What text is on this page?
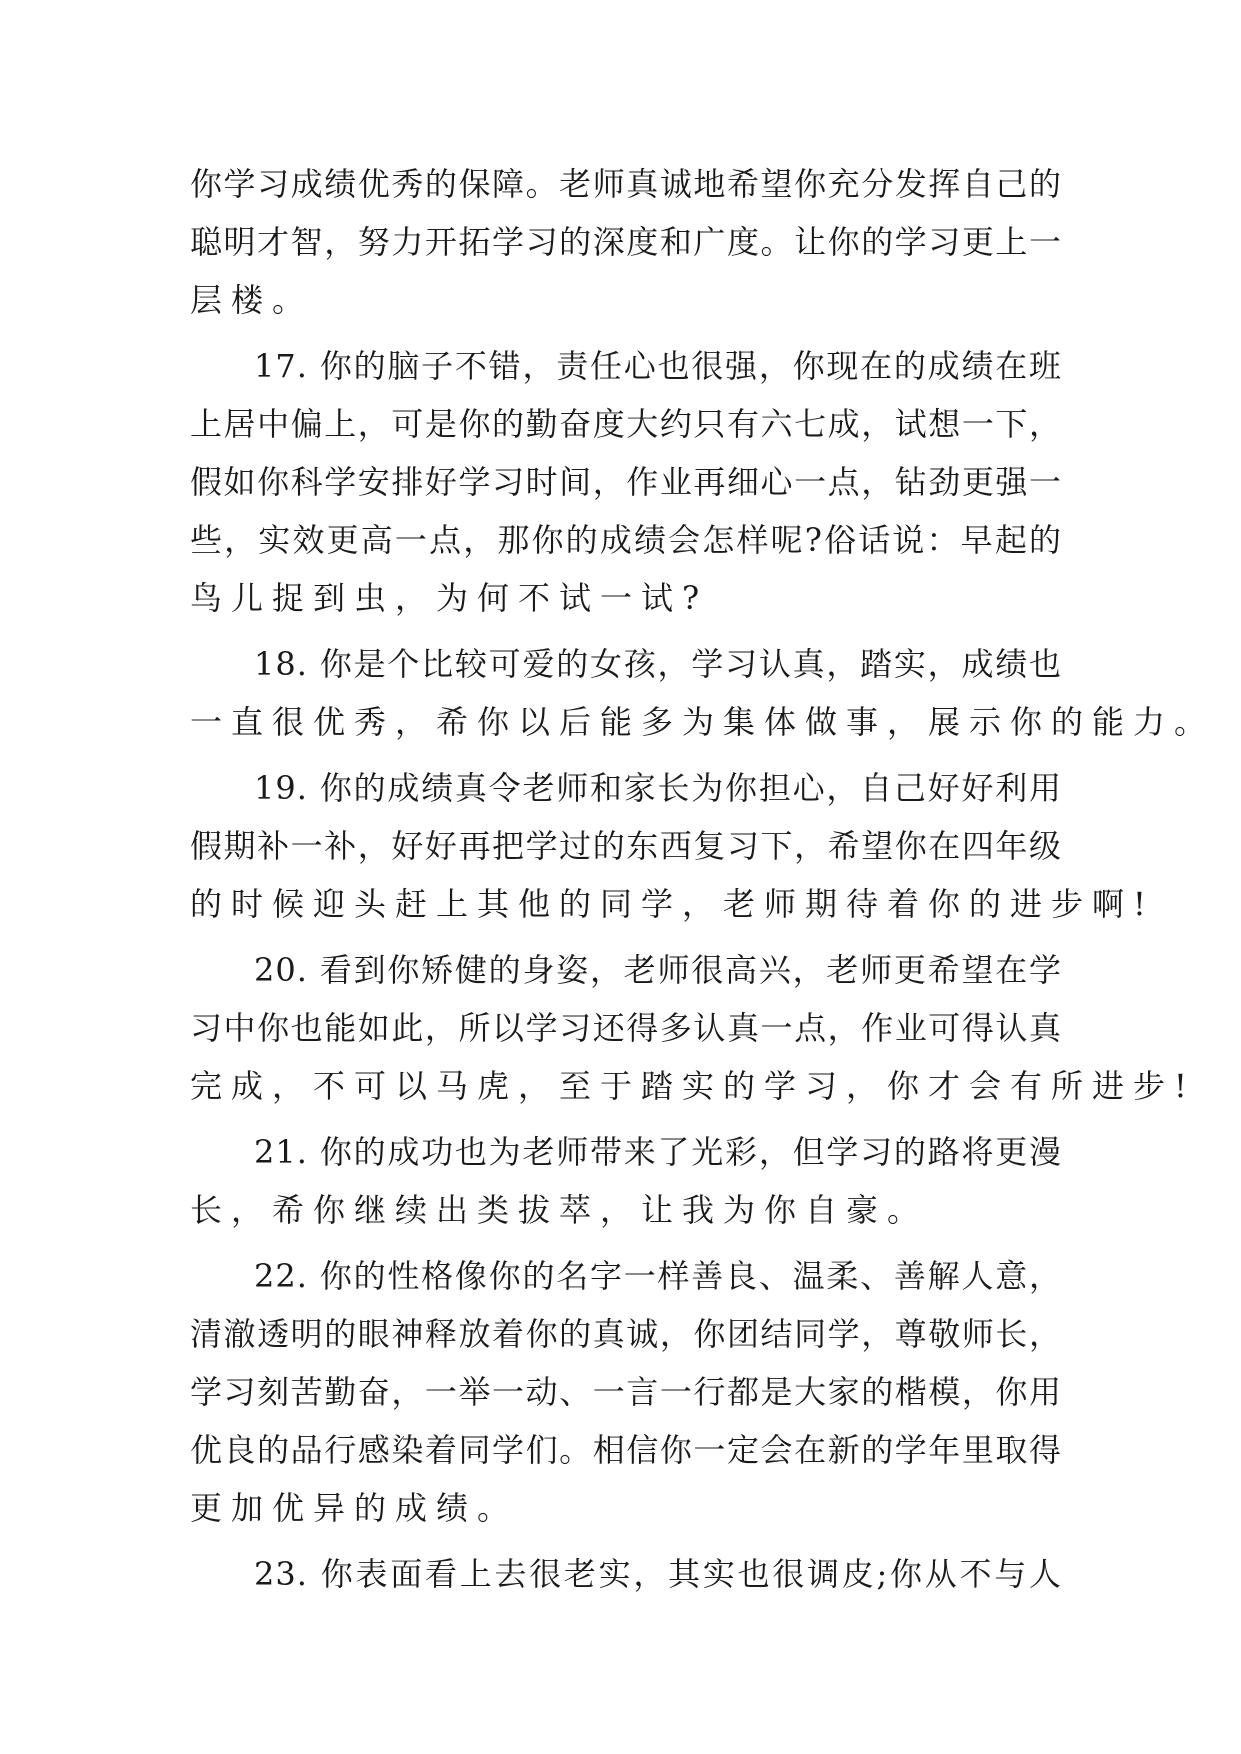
你学习成绩优秀的保障。老师真诚地希望你充分发挥自己的
聪明才智，努力开拓学习的深度和广度。让你的学习更上一
层楼。
17. 你的脑子不错，责任心也很强，你现在的成绩在班
上居中偏上，可是你的勤奋度大约只有六七成，试想一下，
假如你科学安排好学习时间，作业再细心一点，钻劲更强一
些，实效更高一点，那你的成绩会怎样呢?俗话说：早起的
鸟儿捉到虫，为何不试一试?
18. 你是个比较可爱的女孩，学习认真，踏实，成绩也
一直很优秀，希你以后能多为集体做事，展示你的能力。
19. 你的成绩真令老师和家长为你担心，自己好好利用
假期补一补，好好再把学过的东西复习下，希望你在四年级
的时候迎头赶上其他的同学，老师期待着你的进步啊!
20. 看到你矫健的身姿，老师很高兴，老师更希望在学
习中你也能如此，所以学习还得多认真一点，作业可得认真
完成，不可以马虎，至于踏实的学习，你才会有所进步!
21. 你的成功也为老师带来了光彩，但学习的路将更漫
长，希你继续出类拔萃，让我为你自豪。
22. 你的性格像你的名字一样善良、温柔、善解人意，
清澈透明的眼神释放着你的真诚，你团结同学，尊敬师长，
学习刻苦勤奋，一举一动、一言一行都是大家的楷模，你用
优良的品行感染着同学们。相信你一定会在新的学年里取得
更加优异的成绩。
23. 你表面看上去很老实，其实也很调皮;你从不与人
